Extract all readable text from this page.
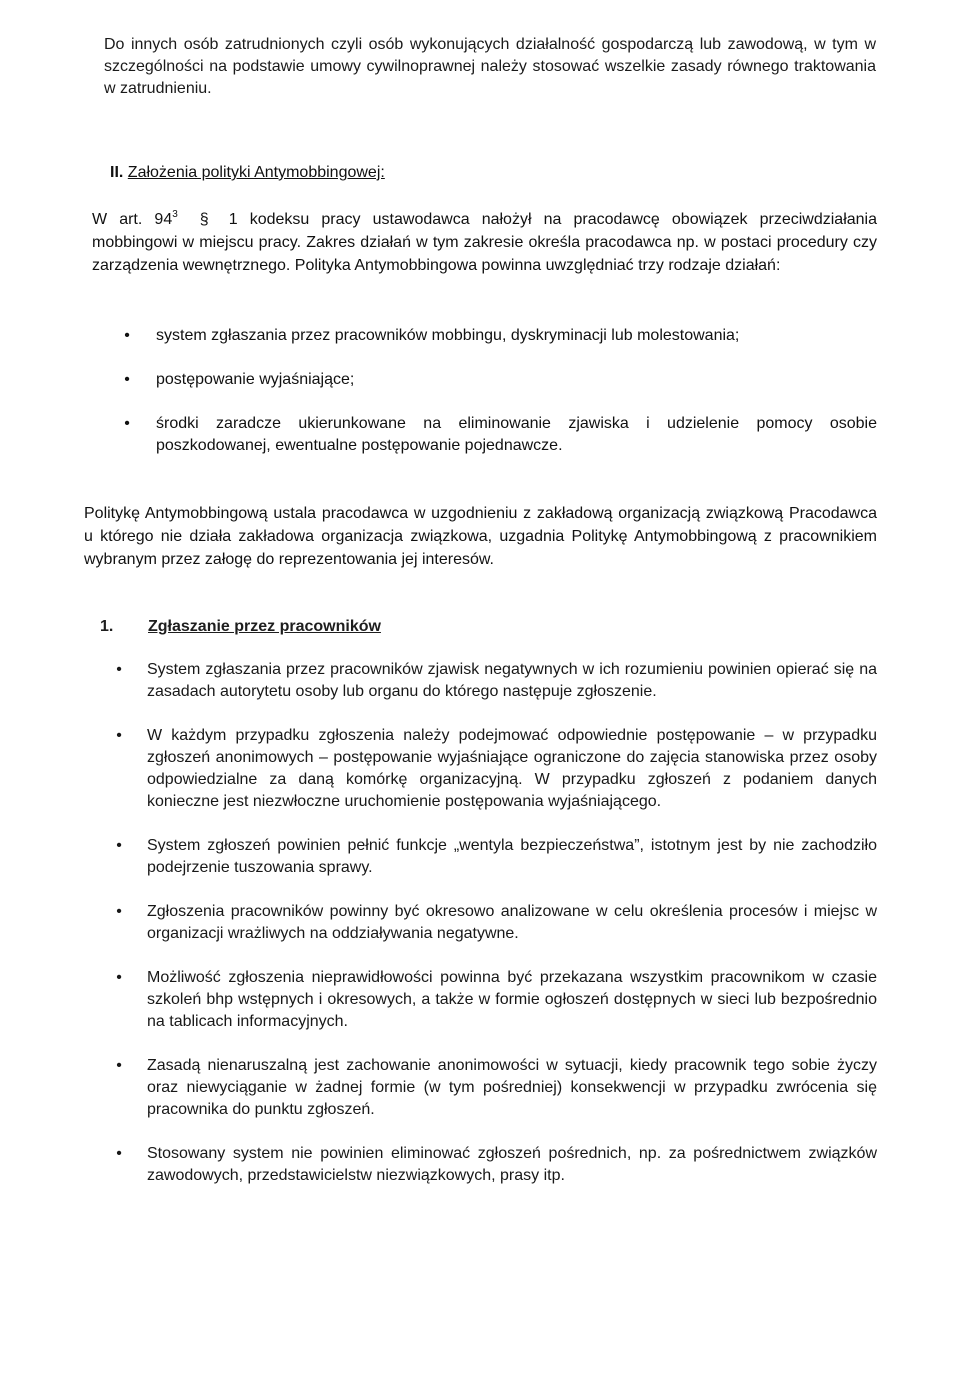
Do innych osób zatrudnionych czyli osób wykonujących działalność gospodarczą lub zawodową, w tym w szczególności na podstawie umowy cywilnoprawnej należy stosować wszelkie zasady równego traktowania w zatrudnieniu.

II. Założenia polityki Antymobbingowej:

W art. $94^3$ § 1 kodeksu pracy ustawodawca nałożył na pracodawcę obowiązek przeciwdziałania mobbingowi w miejscu pracy. Zakres działań w tym zakresie określa pracodawca np. w postaci procedury czy zarządzenia wewnętrznego. Polityka Antymobbingowa powinna uwzględniać trzy rodzaje działań:

• system zgłaszania przez pracowników mobbingu, dyskryminacji lub molestowania;
• postępowanie wyjaśniające;
• środki zaradcze ukierunkowane na eliminowanie zjawiska i udzielenie pomocy osobie poszkodowanej, ewentualne postępowanie pojednawcze.

Politykę Antymobbingową ustala pracodawca w uzgodnieniu z zakładową organizacją związkową Pracodawca u którego nie działa zakładowa organizacja związkowa, uzgadnia Politykę Antymobbingową z pracownikiem wybranym przez załogę do reprezentowania jej interesów.

1. Zgłaszanie przez pracowników
• System zgłaszania przez pracowników zjawisk negatywnych w ich rozumieniu powinien opierać się na zasadach autorytetu osoby lub organu do którego następuje zgłoszenie.
• W każdym przypadku zgłoszenia należy podejmować odpowiednie postępowanie – w przypadku zgłoszeń anonimowych – postępowanie wyjaśniające ograniczone do zajęcia stanowiska przez osoby odpowiedzialne za daną komórkę organizacyjną. W przypadku zgłoszeń z podaniem danych konieczne jest niezwłoczne uruchomienie postępowania wyjaśniającego.
• System zgłoszeń powinien pełnić funkcje „wentyla bezpieczeństwa”, istotnym jest by nie zachodziło podejrzenie tuszowania sprawy.
• Zgłoszenia pracowników powinny być okresowo analizowane w celu określenia procesów i miejsc w organizacji wrażliwych na oddziaływania negatywne.
• Możliwość zgłoszenia nieprawidłowości powinna być przekazana wszystkim pracownikom w czasie szkoleń bhp wstępnych i okresowych, a także w formie ogłoszeń dostępnych w sieci lub bezpośrednio na tablicach informacyjnych.
• Zasadą nienaruszalną jest zachowanie anonimowości w sytuacji, kiedy pracownik tego sobie życzy oraz niewyciąganie w żadnej formie (w tym pośredniej) konsekwencji w przypadku zwrócenia się pracownika do punktu zgłoszeń.
• Stosowany system nie powinien eliminować zgłoszeń pośrednich, np. za pośrednictwem związków zawodowych, przedstawicielstw niezwiązkowych, prasy itp.
